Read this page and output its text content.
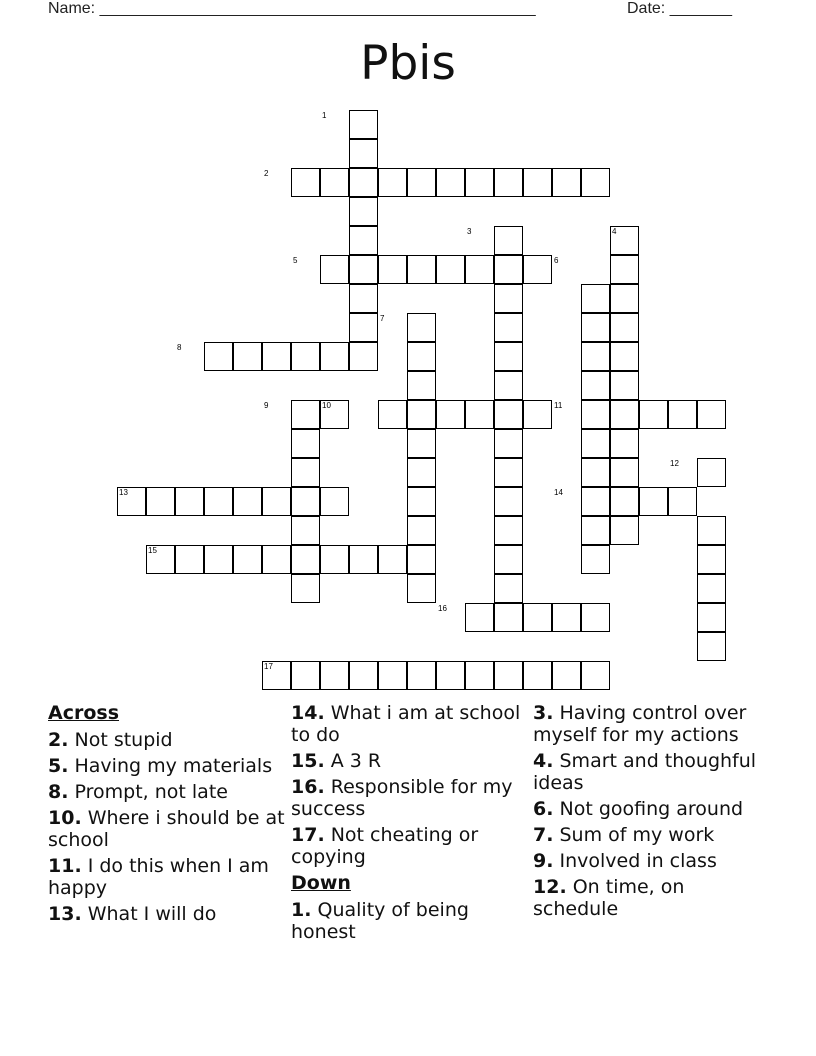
Name: _________________________________________________	Date: _______
Pbis
1
2
3	4
5	6
7
8
9	10	11
12
13	14
15
16
17
Across
2. Not stupid
5. Having my materials
8. Prompt, not late
10. Where i should be at school
11. I do this when I am happy
13. What I will do
14. What i am at school to do
15. A 3 R
16. Responsible for my success
17. Not cheating or copying
Down
1. Quality of being honest
3. Having control over myself for my actions
4. Smart and thoughful ideas
6. Not goofing around
7. Sum of my work
9. Involved in class
12. On time, on schedule
